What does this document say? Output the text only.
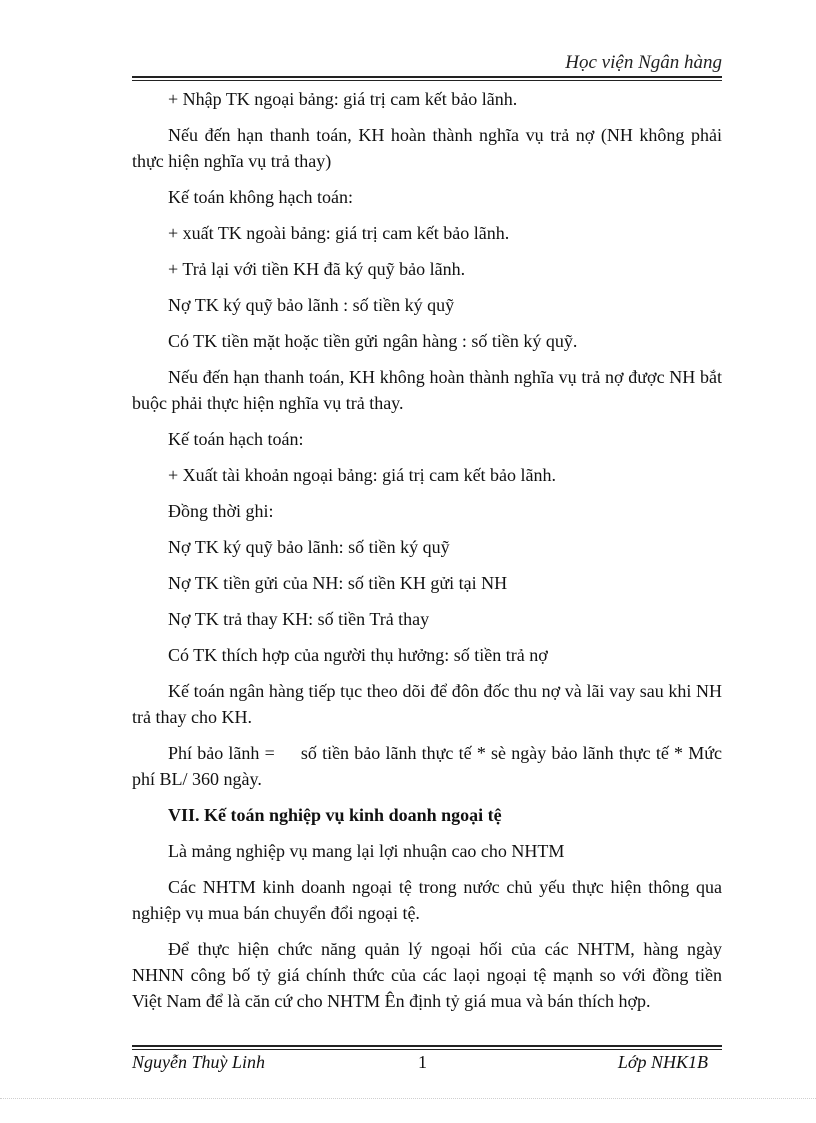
Học viện Ngân hàng

+ Nhập TK ngoại bảng: giá trị cam kết bảo lãnh.

Nếu đến hạn thanh toán, KH hoàn thành nghĩa vụ trả nợ (NH không phải thực hiện nghĩa vụ trả thay)

Kế toán không hạch toán:

+ xuất TK ngoài bảng: giá trị cam kết bảo lãnh.

+ Trả lại với tiền KH đã ký quỹ bảo lãnh.

Nợ TK ký quỹ bảo lãnh : số tiền ký quỹ

Có TK tiền mặt hoặc tiền gửi ngân hàng : số tiền ký quỹ.

Nếu đến hạn thanh toán, KH không hoàn thành nghĩa vụ trả nợ được NH bắt buộc phải thực hiện nghĩa vụ trả thay.

Kế toán hạch toán:

+ Xuất tài khoản ngoại bảng: giá trị cam kết bảo lãnh.

Đồng thời ghi:

Nợ TK ký quỹ bảo lãnh: số tiền ký quỹ

Nợ TK tiền gửi của NH: số tiền KH gửi tại NH

Nợ TK trả thay KH: số tiền Trả thay

Có TK thích hợp của người thụ hưởng: số tiền trả nợ

Kế toán ngân hàng tiếp tục theo dõi để đôn đốc thu nợ và lãi vay sau khi NH trả thay cho KH.

Phí bảo lãnh =     số tiền bảo lãnh thực tế * sè ngày bảo lãnh thực tế * Mức phí BL/ 360 ngày.

VII. Kế toán nghiệp vụ kinh doanh ngoại tệ

Là mảng nghiệp vụ mang lại lợi nhuận cao cho NHTM

Các NHTM kinh doanh ngoại tệ trong nước chủ yếu thực hiện thông qua nghiệp vụ mua bán chuyển đổi ngoại tệ.

Để thực hiện chức năng quản lý ngoại hối của các NHTM, hàng ngày NHNN công bố tỷ giá chính thức của các laọi ngoại tệ mạnh so với đồng tiền Việt Nam để là căn cứ cho NHTM Ên định tỷ giá mua và bán thích hợp.

Nguyễn Thuỳ Linh	1	Lớp NHK1B
